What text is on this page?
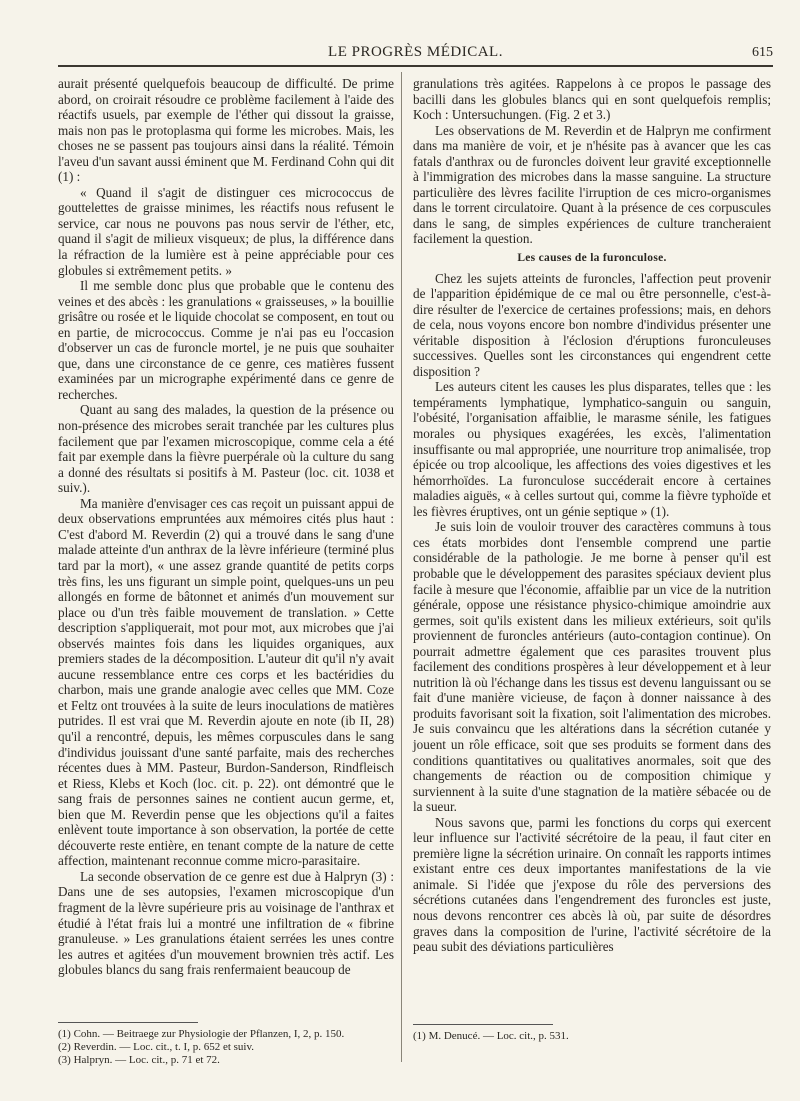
LE PROGRÈS MÉDICAL.	615

aurait présenté quelquefois beaucoup de difficulté. De prime abord, on croirait résoudre ce problème facilement à l'aide des réactifs usuels, par exemple de l'éther qui dissout la graisse, mais non pas le protoplasma qui forme les microbes. Mais, les choses ne se passent pas toujours ainsi dans la réalité. Témoin l'aveu d'un savant aussi éminent que M. Ferdinand Cohn qui dit (1) :

« Quand il s'agit de distinguer ces micrococcus de gouttelettes de graisse minimes, les réactifs nous refusent le service, car nous ne pouvons pas nous servir de l'éther, etc, quand il s'agit de milieux visqueux; de plus, la différence dans la réfraction de la lumière est à peine appréciable pour ces globules si extrêmement petits. »

Il me semble donc plus que probable que le contenu des veines et des abcès : les granulations « graisseuses, » la bouillie grisâtre ou rosée et le liquide chocolat se composent, en tout ou en partie, de micrococcus. Comme je n'ai pas eu l'occasion d'observer un cas de furoncle mortel, je ne puis que souhaiter que, dans une circonstance de ce genre, ces matières fussent examinées par un micrographe expérimenté dans ce genre de recherches.

Quant au sang des malades, la question de la présence ou non-présence des microbes serait tranchée par les cultures plus facilement que par l'examen microscopique, comme cela a été fait par exemple dans la fièvre puerpérale où la culture du sang a donné des résultats si positifs à M. Pasteur (loc. cit. 1038 et suiv.).

Ma manière d'envisager ces cas reçoit un puissant appui de deux observations empruntées aux mémoires cités plus haut : C'est d'abord M. Reverdin (2) qui a trouvé dans le sang d'une malade atteinte d'un anthrax de la lèvre inférieure (terminé plus tard par la mort), « une assez grande quantité de petits corps très fins, les uns figurant un simple point, quelques-uns un peu allongés en forme de bâtonnet et animés d'un mouvement sur place ou d'un très faible mouvement de translation. » Cette description s'appliquerait, mot pour mot, aux microbes que j'ai observés maintes fois dans les liquides organiques, aux premiers stades de la décomposition. L'auteur dit qu'il n'y avait aucune ressemblance entre ces corps et les bactéridies du charbon, mais une grande analogie avec celles que MM. Coze et Feltz ont trouvées à la suite de leurs inoculations de matières putrides. Il est vrai que M. Reverdin ajoute en note (ib II, 28) qu'il a rencontré, depuis, les mêmes corpuscules dans le sang d'individus jouissant d'une santé parfaite, mais des recherches récentes dues à MM. Pasteur, Burdon-Sanderson, Rindfleisch et Riess, Klebs et Koch (loc. cit. p. 22). ont démontré que le sang frais de personnes saines ne contient aucun germe, et, bien que M. Reverdin pense que les objections qu'il a faites enlèvent toute importance à son observation, la portée de cette découverte reste entière, en tenant compte de la nature de cette affection, maintenant reconnue comme micro-parasitaire.

La seconde observation de ce genre est due à Halpryn (3) : Dans une de ses autopsies, l'examen microscopique d'un fragment de la lèvre supérieure pris au voisinage de l'anthrax et étudié à l'état frais lui a montré une infiltration de « fibrine granuleuse. » Les granulations étaient serrées les unes contre les autres et agitées d'un mouvement brownien très actif. Les globules blancs du sang frais renfermaient beaucoup de

granulations très agitées. Rappelons à ce propos le passage des bacilli dans les globules blancs qui en sont quelquefois remplis; Koch : Untersuchungen. (Fig. 2 et 3.)

Les observations de M. Reverdin et de Halpryn me confirment dans ma manière de voir, et je n'hésite pas à avancer que les cas fatals d'anthrax ou de furoncles doivent leur gravité exceptionnelle à l'immigration des microbes dans la masse sanguine. La structure particulière des lèvres facilite l'irruption de ces micro-organismes dans le torrent circulatoire. Quant à la présence de ces corpuscules dans le sang, de simples expériences de culture trancheraient facilement la question.

Les causes de la furonculose.

Chez les sujets atteints de furoncles, l'affection peut provenir de l'apparition épidémique de ce mal ou être personnelle, c'est-à-dire résulter de l'exercice de certaines professions; mais, en dehors de cela, nous voyons encore bon nombre d'individus présenter une véritable disposition à l'éclosion d'éruptions furonculeuses successives. Quelles sont les circonstances qui engendrent cette disposition ?

Les auteurs citent les causes les plus disparates, telles que : les tempéraments lymphatique, lymphatico-sanguin ou sanguin, l'obésité, l'organisation affaiblie, le marasme sénile, les fatigues morales ou physiques exagérées, les excès, l'alimentation insuffisante ou mal appropriée, une nourriture trop animalisée, trop épicée ou trop alcoolique, les affections des voies digestives et les hémorrhoïdes. La furonculose succéderait encore à certaines maladies aiguës, « à celles surtout qui, comme la fièvre typhoïde et les fièvres éruptives, ont un génie septique » (1).

Je suis loin de vouloir trouver des caractères communs à tous ces états morbides dont l'ensemble comprend une partie considérable de la pathologie. Je me borne à penser qu'il est probable que le développement des parasites spéciaux devient plus facile à mesure que l'économie, affaiblie par un vice de la nutrition générale, oppose une résistance physico-chimique amoindrie aux germes, soit qu'ils existent dans les milieux extérieurs, soit qu'ils proviennent de furoncles antérieurs (auto-contagion continue). On pourrait admettre également que ces parasites trouvent plus facilement des conditions prospères à leur développement et à leur nutrition là où l'échange dans les tissus est devenu languissant ou se fait d'une manière vicieuse, de façon à donner naissance à des produits favorisant soit la fixation, soit l'alimentation des microbes. Je suis convaincu que les altérations dans la sécrétion cutanée y jouent un rôle efficace, soit que ses produits se forment dans des conditions quantitatives ou qualitatives anormales, soit que des changements de réaction ou de composition chimique y surviennent à la suite d'une stagnation de la matière sébacée ou de la sueur.

Nous savons que, parmi les fonctions du corps qui exercent leur influence sur l'activité sécrétoire de la peau, il faut citer en première ligne la sécrétion urinaire. On connaît les rapports intimes existant entre ces deux importantes manifestations de la vie animale. Si l'idée que j'expose du rôle des perversions des sécrétions cutanées dans l'engendrement des furoncles est juste, nous devons rencontrer ces abcès là où, par suite de désordres graves dans la composition de l'urine, l'activité sécrétoire de la peau subit des déviations particulières

(1) Cohn. — Beitraege zur Physiologie der Pflanzen, I, 2, p. 150.

(2) Reverdin. — Loc. cit., t. I, p. 652 et suiv.

(3) Halpryn. — Loc. cit., p. 71 et 72.

(1) M. Denucé. — Loc. cit., p. 531.
